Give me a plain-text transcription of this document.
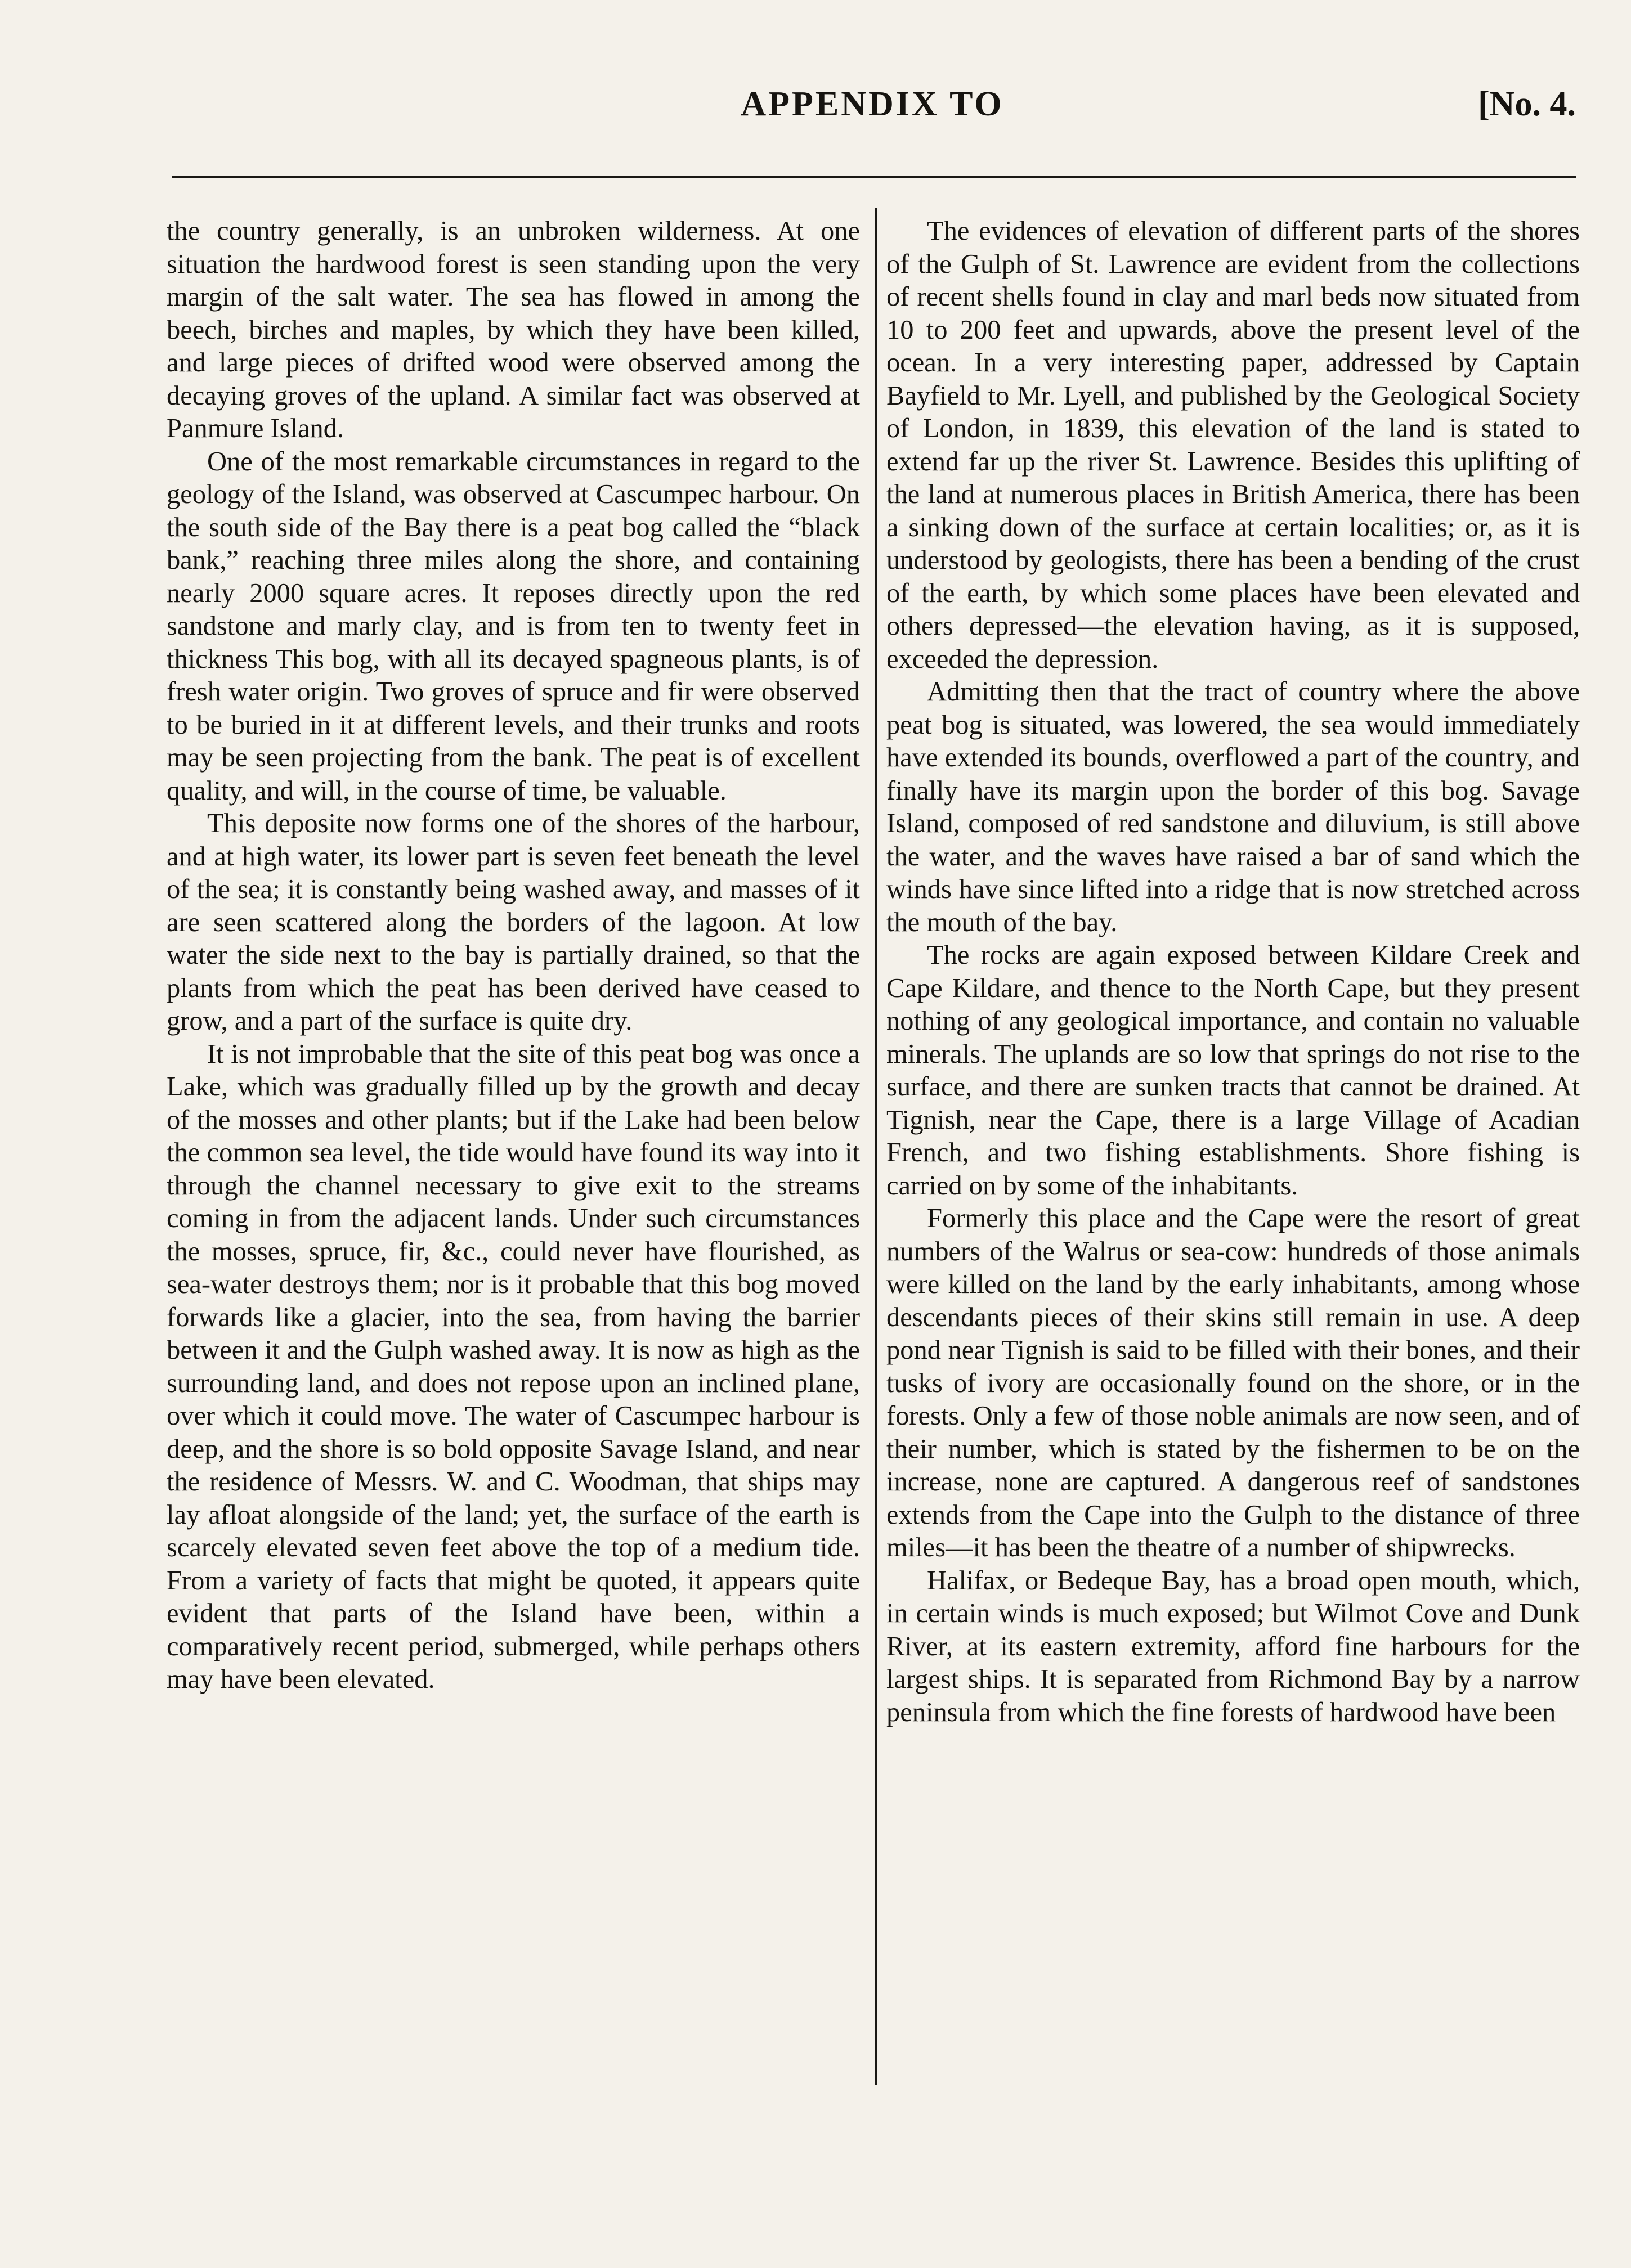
APPENDIX TO	[No. 4.

the country generally, is an unbroken wilderness. At one situation the hardwood forest is seen standing upon the very margin of the salt water. The sea has flowed in among the beech, birches and maples, by which they have been killed, and large pieces of drifted wood were observed among the decaying groves of the upland. A similar fact was observed at Panmure Island.

One of the most remarkable circumstances in regard to the geology of the Island, was observed at Cascumpec harbour. On the south side of the Bay there is a peat bog called the “black bank,” reaching three miles along the shore, and containing nearly 2000 square acres. It reposes directly upon the red sandstone and marly clay, and is from ten to twenty feet in thickness This bog, with all its decayed spagneous plants, is of fresh water origin. Two groves of spruce and fir were observed to be buried in it at different levels, and their trunks and roots may be seen projecting from the bank. The peat is of excellent quality, and will, in the course of time, be valuable.

This deposite now forms one of the shores of the harbour, and at high water, its lower part is seven feet beneath the level of the sea; it is constantly being washed away, and masses of it are seen scattered along the borders of the lagoon. At low water the side next to the bay is partially drained, so that the plants from which the peat has been derived have ceased to grow, and a part of the surface is quite dry.

It is not improbable that the site of this peat bog was once a Lake, which was gradually filled up by the growth and decay of the mosses and other plants; but if the Lake had been below the common sea level, the tide would have found its way into it through the channel necessary to give exit to the streams coming in from the adjacent lands. Under such circumstances the mosses, spruce, fir, &c., could never have flourished, as sea-water destroys them; nor is it probable that this bog moved forwards like a glacier, into the sea, from having the barrier between it and the Gulph washed away. It is now as high as the surrounding land, and does not repose upon an inclined plane, over which it could move. The water of Cascumpec harbour is deep, and the shore is so bold opposite Savage Island, and near the residence of Messrs. W. and C. Woodman, that ships may lay afloat alongside of the land; yet, the surface of the earth is scarcely elevated seven feet above the top of a medium tide. From a variety of facts that might be quoted, it appears quite evident that parts of the Island have been, within a comparatively recent period, submerged, while perhaps others may have been elevated.

The evidences of elevation of different parts of the shores of the Gulph of St. Lawrence are evident from the collections of recent shells found in clay and marl beds now situated from 10 to 200 feet and upwards, above the present level of the ocean. In a very interesting paper, addressed by Captain Bayfield to Mr. Lyell, and published by the Geological Society of London, in 1839, this elevation of the land is stated to extend far up the river St. Lawrence. Besides this uplifting of the land at numerous places in British America, there has been a sinking down of the surface at certain localities; or, as it is understood by geologists, there has been a bending of the crust of the earth, by which some places have been elevated and others depressed—the elevation having, as it is supposed, exceeded the depression.

Admitting then that the tract of country where the above peat bog is situated, was lowered, the sea would immediately have extended its bounds, overflowed a part of the country, and finally have its margin upon the border of this bog. Savage Island, composed of red sandstone and diluvium, is still above the water, and the waves have raised a bar of sand which the winds have since lifted into a ridge that is now stretched across the mouth of the bay.

The rocks are again exposed between Kildare Creek and Cape Kildare, and thence to the North Cape, but they present nothing of any geological importance, and contain no valuable minerals. The uplands are so low that springs do not rise to the surface, and there are sunken tracts that cannot be drained. At Tignish, near the Cape, there is a large Village of Acadian French, and two fishing establishments. Shore fishing is carried on by some of the inhabitants.

Formerly this place and the Cape were the resort of great numbers of the Walrus or sea-cow: hundreds of those animals were killed on the land by the early inhabitants, among whose descendants pieces of their skins still remain in use. A deep pond near Tignish is said to be filled with their bones, and their tusks of ivory are occasionally found on the shore, or in the forests. Only a few of those noble animals are now seen, and of their number, which is stated by the fishermen to be on the increase, none are captured. A dangerous reef of sandstones extends from the Cape into the Gulph to the distance of three miles—it has been the theatre of a number of shipwrecks.

Halifax, or Bedeque Bay, has a broad open mouth, which, in certain winds is much exposed; but Wilmot Cove and Dunk River, at its eastern extremity, afford fine harbours for the largest ships. It is separated from Richmond Bay by a narrow peninsula from which the fine forests of hardwood have been
